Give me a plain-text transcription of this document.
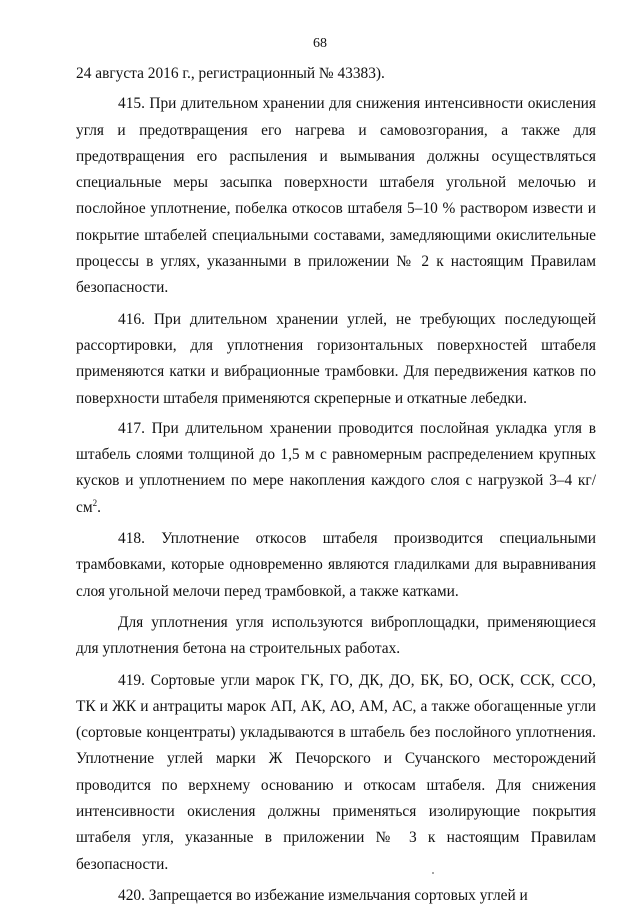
68

24 августа 2016 г., регистрационный № 43383).

415. При длительном хранении для снижения интенсивности окисления угля и предотвращения его нагрева и самовозгорания, а также для предотвращения его распыления и вымывания должны осуществляться специальные меры засыпка поверхности штабеля угольной мелочью и послойное уплотнение, побелка откосов штабеля 5–10 % раствором извести и покрытие штабелей специальными составами, замедляющими окислительные процессы в углях, указанными в приложении № 2 к настоящим Правилам безопасности.

416. При длительном хранении углей, не требующих последующей рассортировки, для уплотнения горизонтальных поверхностей штабеля применяются катки и вибрационные трамбовки. Для передвижения катков по поверхности штабеля применяются скреперные и откатные лебедки.

417. При длительном хранении проводится послойная укладка угля в штабель слоями толщиной до 1,5 м с равномерным распределением крупных кусков и уплотнением по мере накопления каждого слоя с нагрузкой 3–4 $кг/см^2$.

418. Уплотнение откосов штабеля производится специальными трамбовками, которые одновременно являются гладилками для выравнивания слоя угольной мелочи перед трамбовкой, а также катками.

Для уплотнения угля используются виброплощадки, применяющиеся для уплотнения бетона на строительных работах.

419. Сортовые угли марок ГК, ГО, ДК, ДО, БК, БО, ОСК, ССК, ССО, ТК и ЖК и антрациты марок АП, АК, АО, АМ, АС, а также обогащенные угли (сортовые концентраты) укладываются в штабель без послойного уплотнения. Уплотнение углей марки Ж Печорского и Сучанского месторождений проводится по верхнему основанию и откосам штабеля. Для снижения интенсивности окисления должны применяться изолирующие покрытия штабеля угля, указанные в приложении № 3 к настоящим Правилам безопасности.

420. Запрещается во избежание измельчания сортовых углей и
